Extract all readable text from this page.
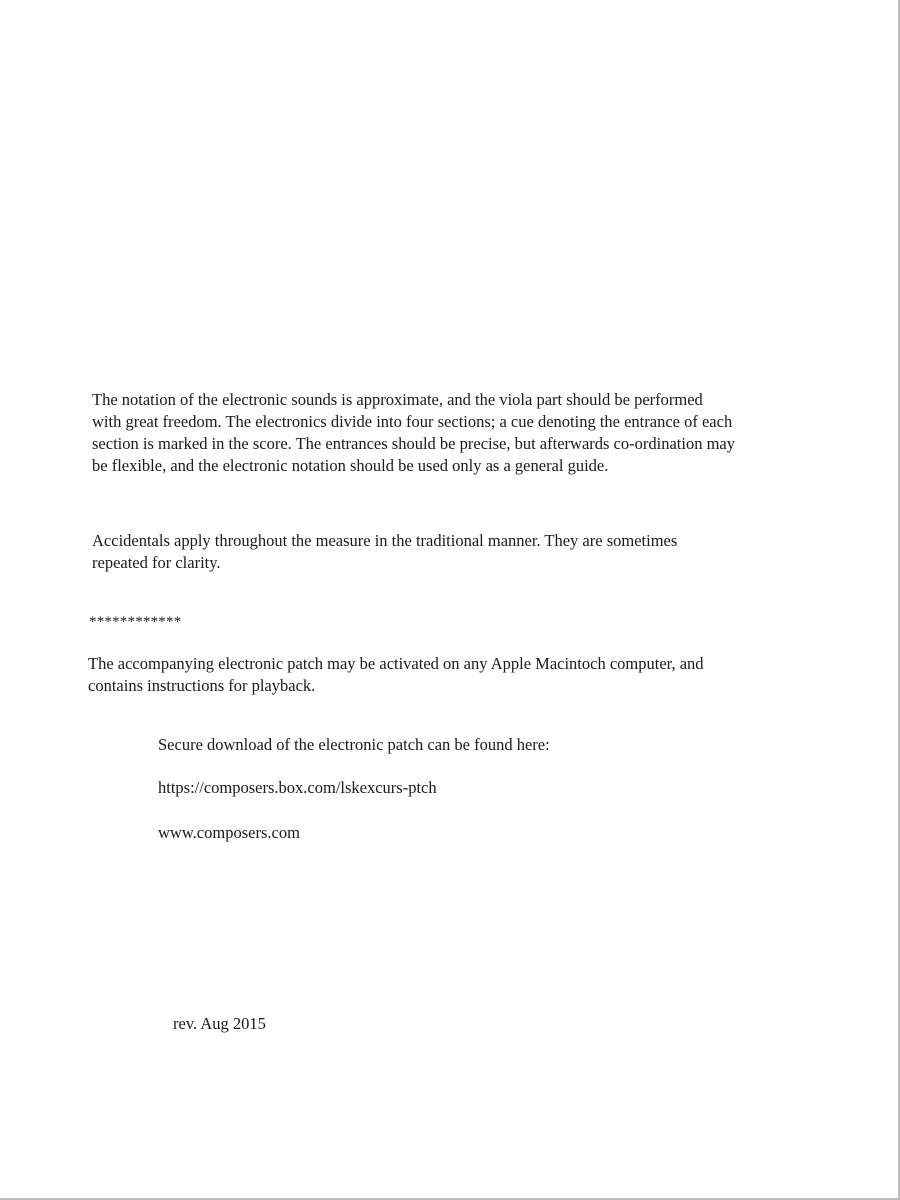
The notation of the electronic sounds is approximate, and the viola part should be performed
with great freedom. The electronics divide into four sections; a cue denoting the entrance of each
section is marked in the score. The entrances should be precise, but afterwards co-ordination may
be flexible, and the electronic notation should be used only as a general guide.

Accidentals apply throughout the measure in the traditional manner. They are sometimes
repeated for clarity.

************

The accompanying electronic patch may be activated on any Apple Macintoch computer, and
contains instructions for playback.

Secure download of the electronic patch can be found here:

https://composers.box.com/lskexcurs-ptch

www.composers.com

rev. Aug 2015
